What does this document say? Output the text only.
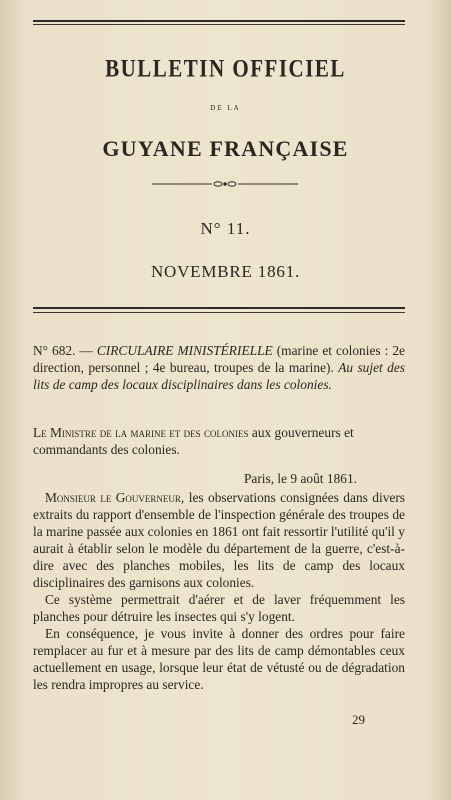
BULLETIN OFFICIEL
DE LA
GUYANE FRANÇAISE
N° 11.
NOVEMBRE 1861.
N° 682. — CIRCULAIRE MINISTÉRIELLE (marine et colonies : 2e direction, personnel ; 4e bureau, troupes de la marine). Au sujet des lits de camp des locaux disciplinaires dans les colonies.
Le Ministre de la marine et des colonies aux gouverneurs et commandants des colonies.
Paris, le 9 août 1861.

Monsieur le Gouverneur, les observations consignées dans divers extraits du rapport d'ensemble de l'inspection générale des troupes de la marine passée aux colonies en 1861 ont fait ressortir l'utilité qu'il y aurait à établir selon le modèle du département de la guerre, c'est-à-dire avec des planches mobiles, les lits de camp des locaux disciplinaires des garnisons aux colonies.

Ce système permettrait d'aérer et de laver fréquemment les planches pour détruire les insectes qui s'y logent.

En conséquence, je vous invite à donner des ordres pour faire remplacer au fur et à mesure par des lits de camp démontables ceux actuellement en usage, lorsque leur état de vétusté ou de dégradation les rendra impropres au service.

29
